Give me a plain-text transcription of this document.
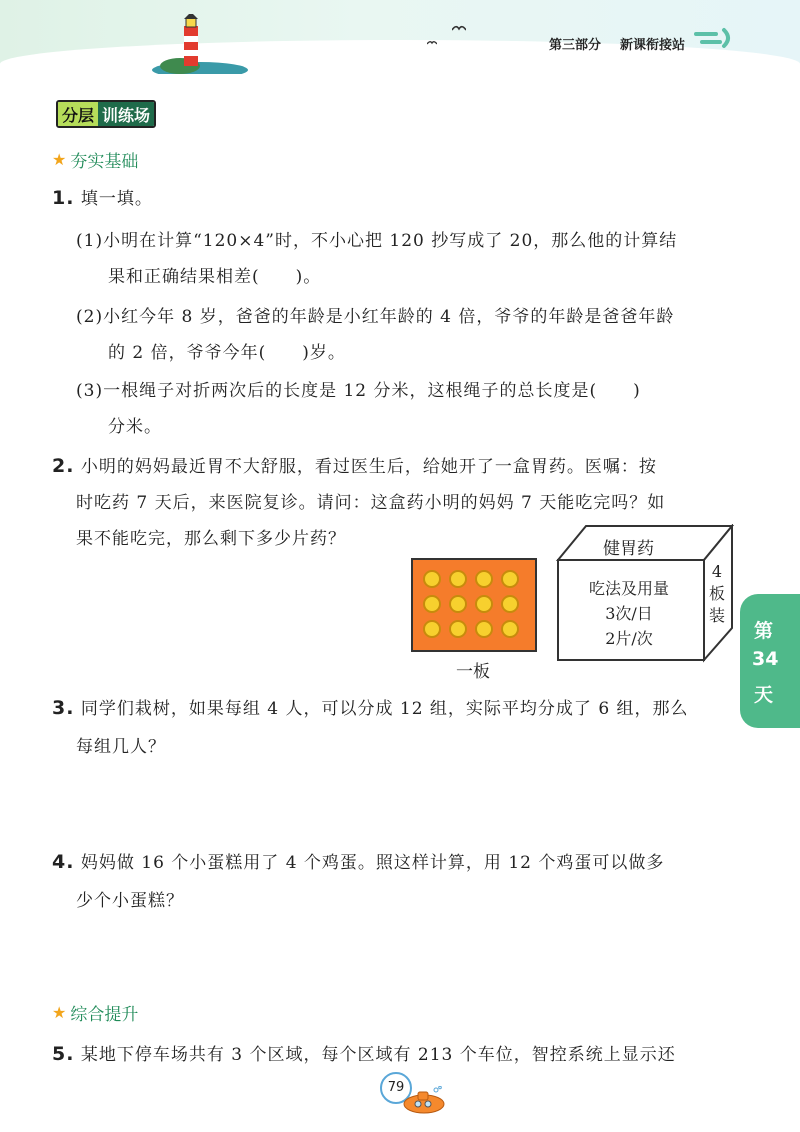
第三部分 新课衔接站
分层 训练场
★ 夯实基础
1. 填一填。
(1)小明在计算“120×4”时，不小心把 120 抄写成了 20，那么他的计算结
果和正确结果相差(　　)。
(2)小红今年 8 岁，爸爸的年龄是小红年龄的 4 倍，爷爷的年龄是爸爸年龄
的 2 倍，爷爷今年(　　)岁。
(3)一根绳子对折两次后的长度是 12 分米，这根绳子的总长度是(　　)
分米。
2. 小明的妈妈最近胃不大舒服，看过医生后，给她开了一盒胃药。医嘱：按
时吃药 7 天后，来医院复诊。请问：这盒药小明的妈妈 7 天能吃完吗？如
果不能吃完，那么剩下多少片药？
一板
健胃药
吃法及用量
3次/日
2片/次
4
板
装
第
34
天
3. 同学们栽树，如果每组 4 人，可以分成 12 组，实际平均分成了 6 组，那么
每组几人？
4. 妈妈做 16 个小蛋糕用了 4 个鸡蛋。照这样计算，用 12 个鸡蛋可以做多
少个小蛋糕？
★ 综合提升
5. 某地下停车场共有 3 个区域，每个区域有 213 个车位，智控系统上显示还
79
